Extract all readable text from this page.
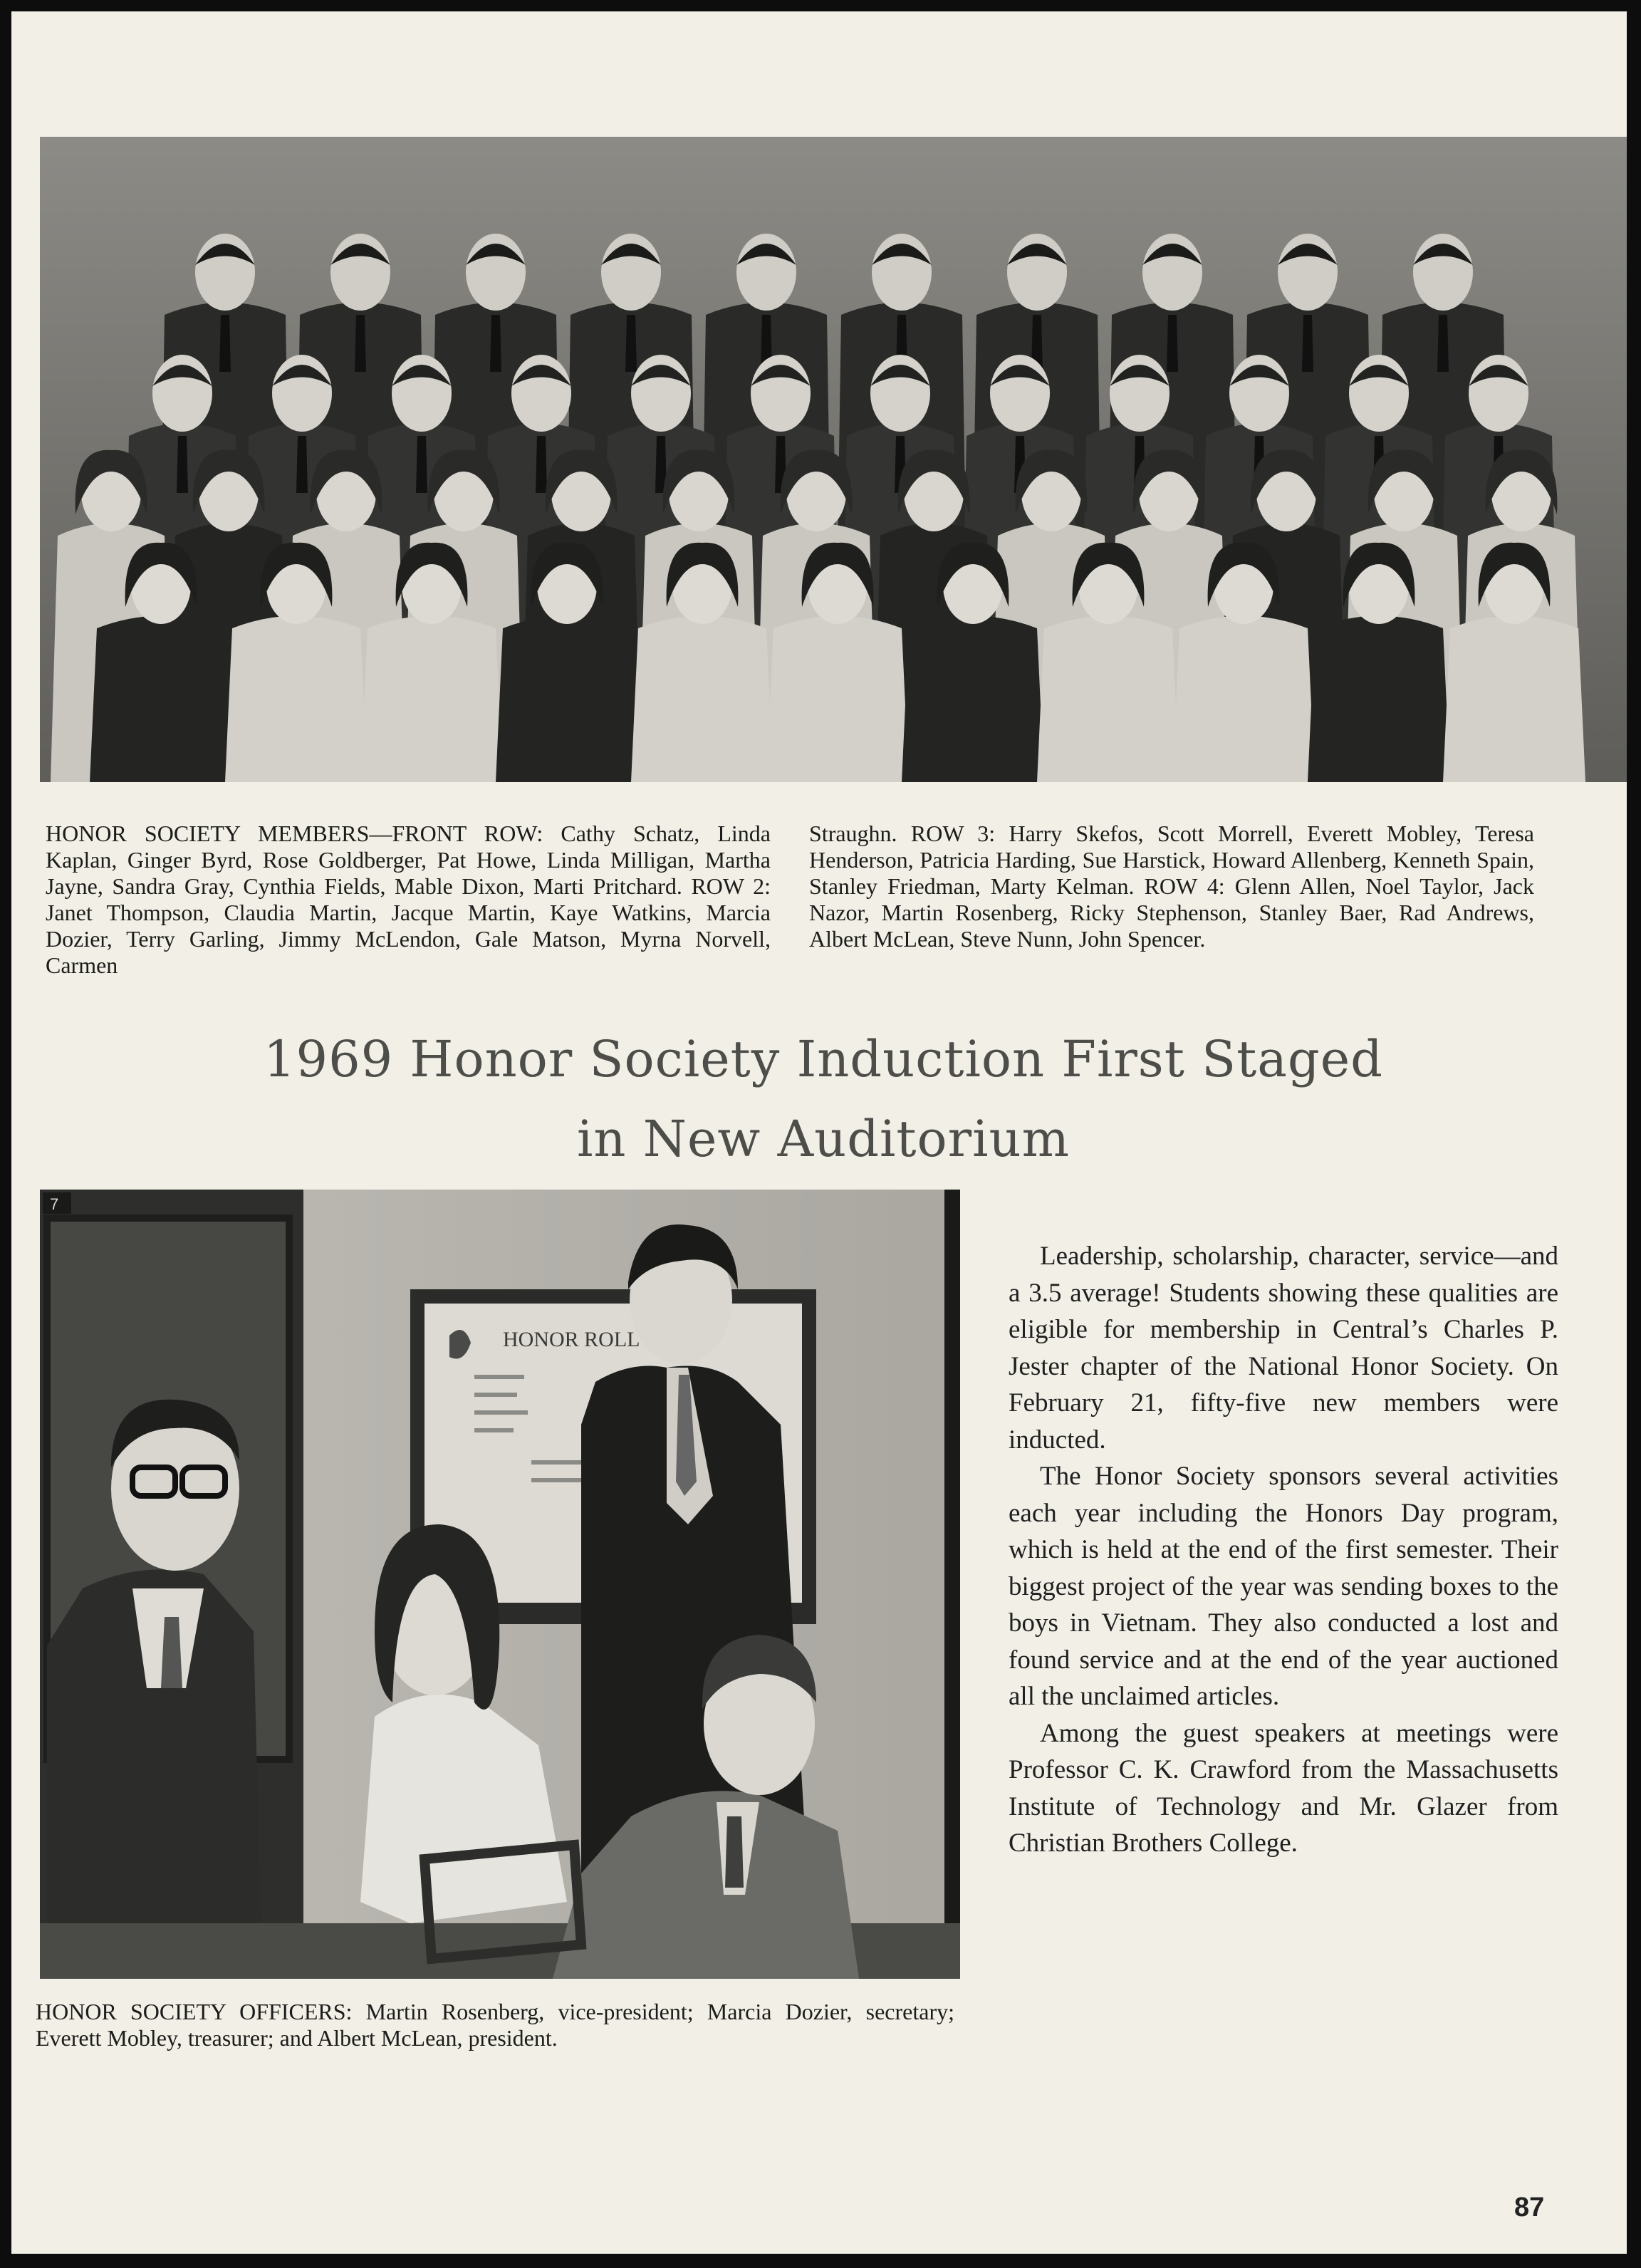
HONOR SOCIETY MEMBERS—FRONT ROW: Cathy Schatz, Linda Kaplan, Ginger Byrd, Rose Goldberger, Pat Howe, Linda Milligan, Martha Jayne, Sandra Gray, Cynthia Fields, Mable Dixon, Marti Pritchard. ROW 2: Janet Thompson, Claudia Martin, Jacque Martin, Kaye Watkins, Marcia Dozier, Terry Garling, Jimmy McLendon, Gale Matson, Myrna Norvell, Carmen

Straughn. ROW 3: Harry Skefos, Scott Morrell, Everett Mobley, Teresa Henderson, Patricia Harding, Sue Harstick, Howard Allenberg, Kenneth Spain, Stanley Friedman, Marty Kelman. ROW 4: Glenn Allen, Noel Taylor, Jack Nazor, Martin Rosenberg, Ricky Stephenson, Stanley Baer, Rad Andrews, Albert McLean, Steve Nunn, John Spencer.

1969 Honor Society Induction First Staged
in New Auditorium
7
HONOR ROLL

HONOR SOCIETY OFFICERS: Martin Rosenberg, vice-president; Marcia Dozier, secretary; Everett Mobley, treasurer; and Albert McLean, president.

Leadership, scholarship, character, service—and a 3.5 average! Students showing these qualities are eligible for membership in Central’s Charles P. Jester chapter of the National Honor Society. On February 21, fifty-five new members were inducted.

The Honor Society sponsors several activities each year including the Honors Day program, which is held at the end of the first semester. Their biggest project of the year was sending boxes to the boys in Vietnam. They also conducted a lost and found service and at the end of the year auctioned all the unclaimed articles.

Among the guest speakers at meetings were Professor C. K. Crawford from the Massachusetts Institute of Technology and Mr. Glazer from Christian Brothers College.

87
